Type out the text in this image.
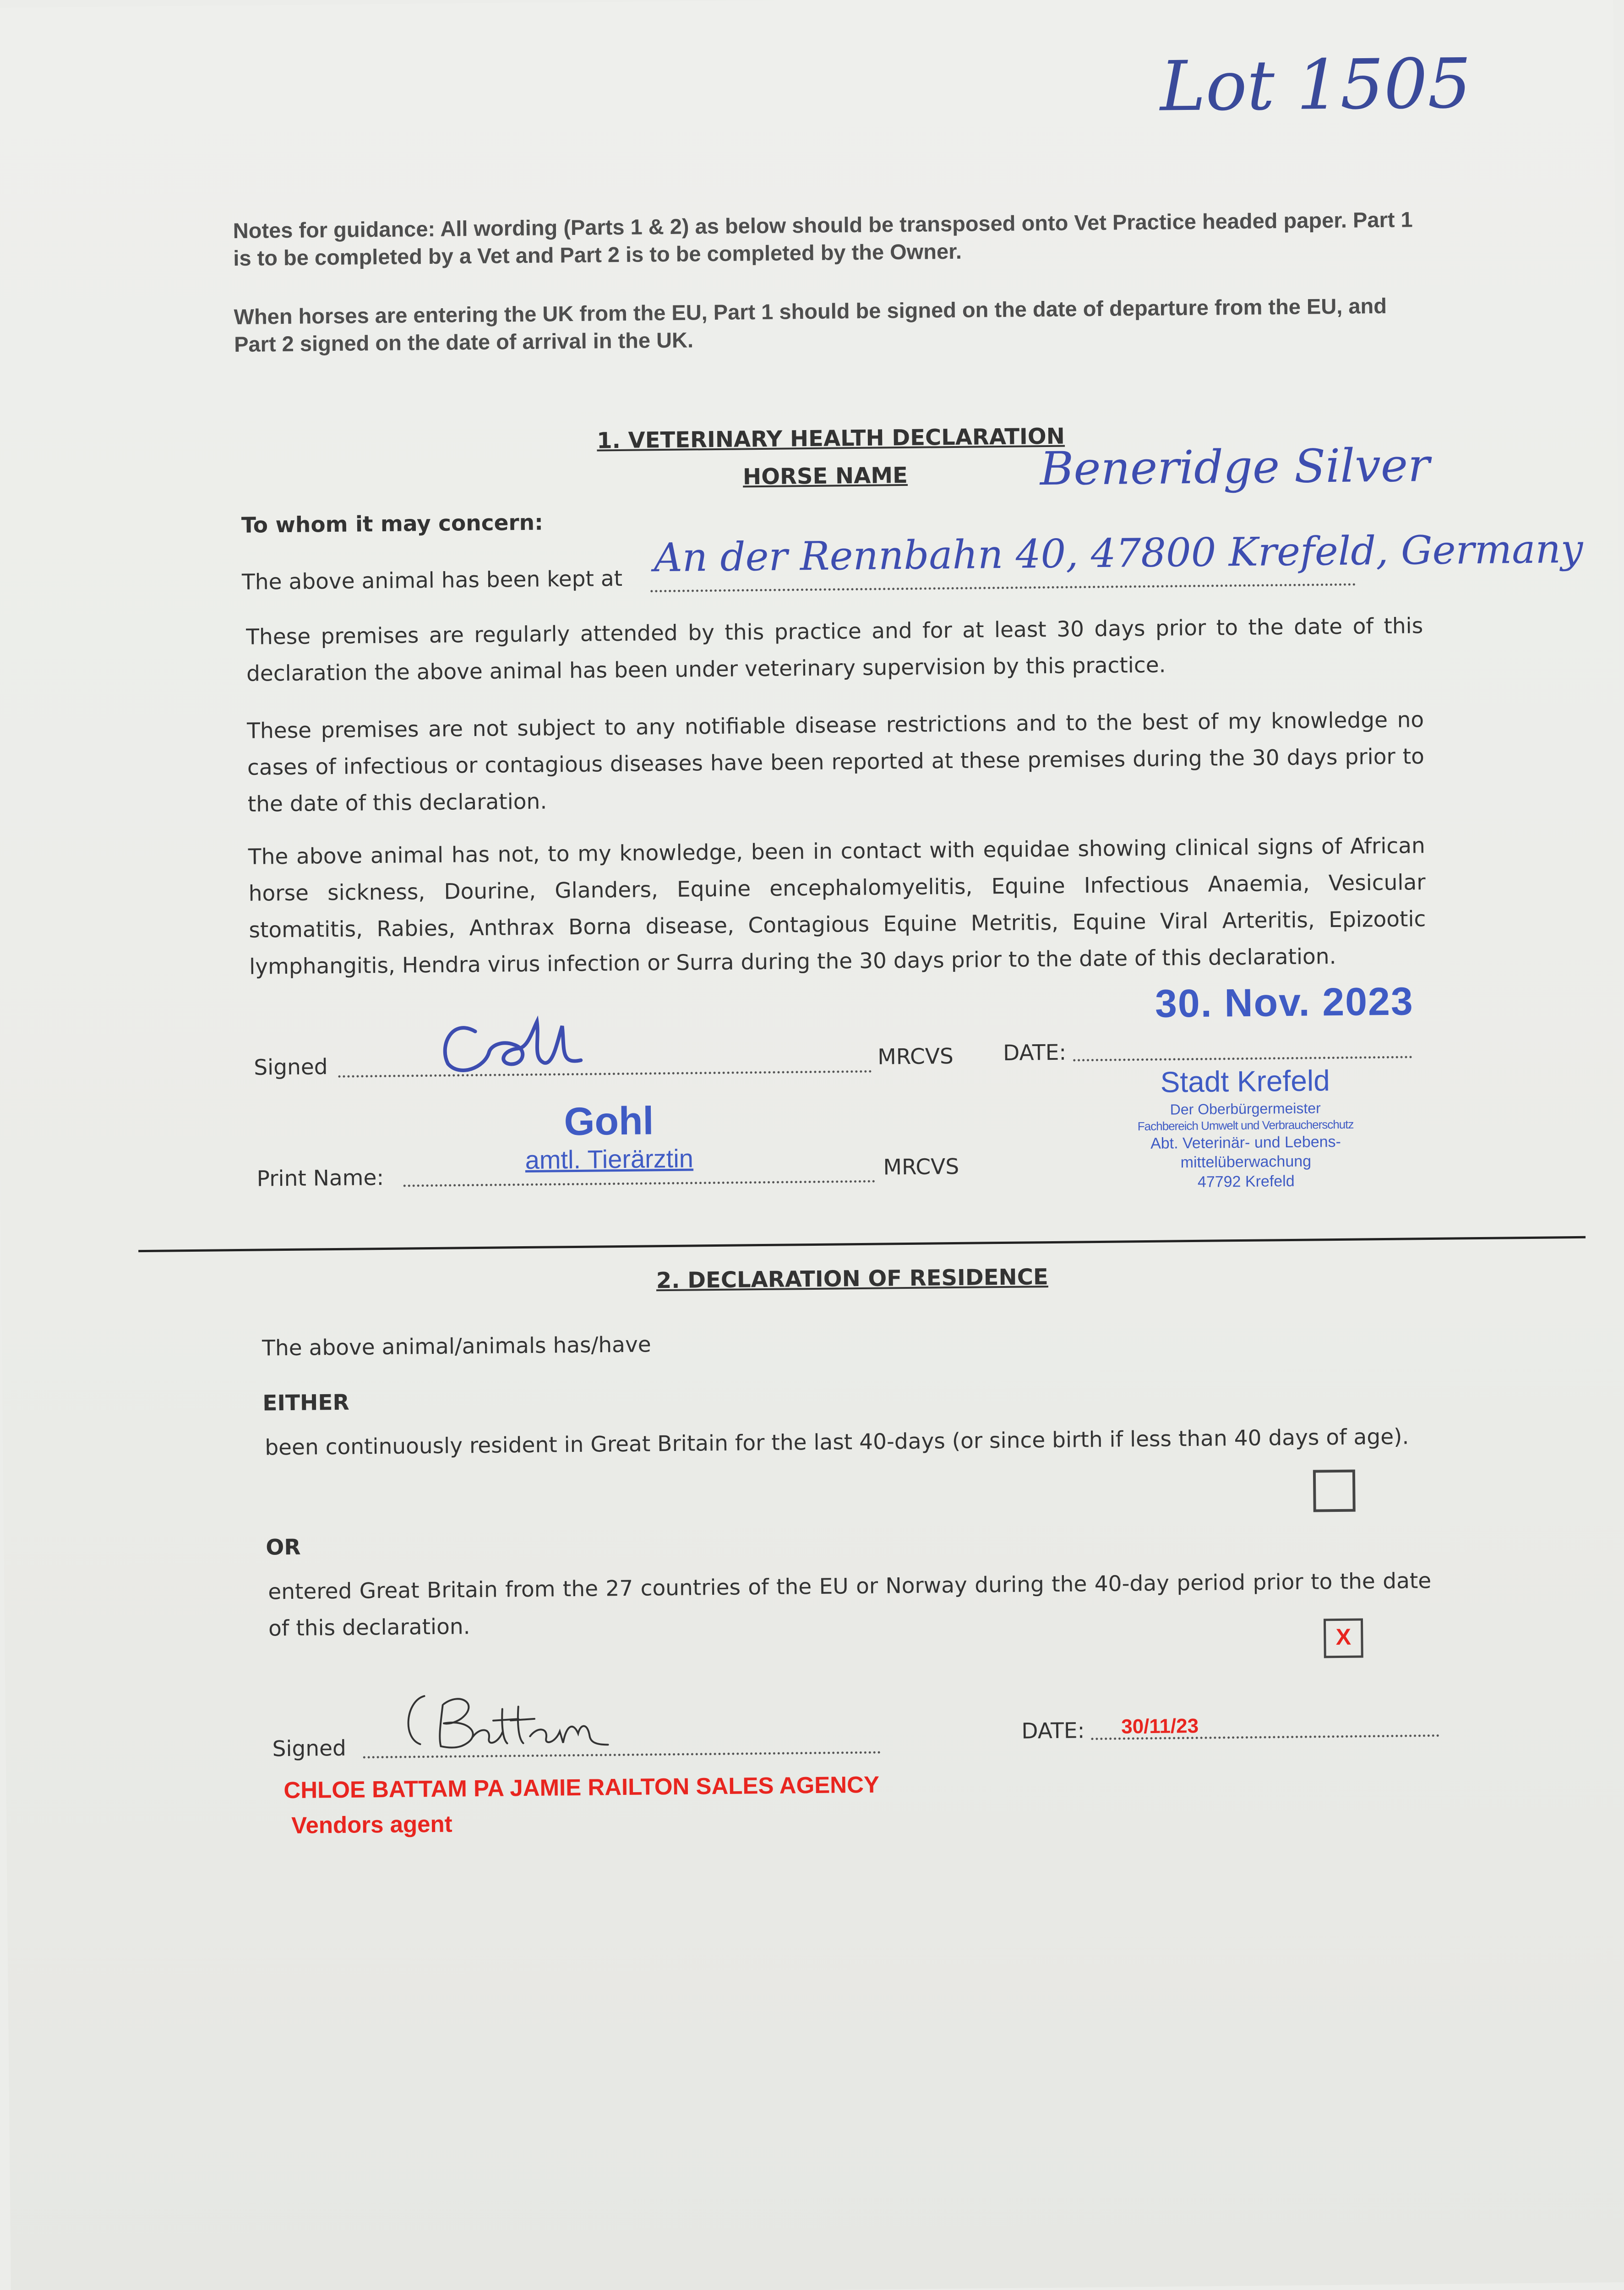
Lot 1505
Notes for guidance: All wording (Parts 1 & 2) as below should be transposed onto Vet Practice headed paper. Part 1 is to be completed by a Vet and Part 2 is to be completed by the Owner.
When horses are entering the UK from the EU, Part 1 should be signed on the date of departure from the EU, and Part 2 signed on the date of arrival in the UK.
1. VETERINARY HEALTH DECLARATION
HORSE NAME	Beneridge Silver
To whom it may concern:
The above animal has been kept at An der Rennbahn 40, 47800 Krefeld, Germany
These premises are regularly attended by this practice and for at least 30 days prior to the date of this declaration the above animal has been under veterinary supervision by this practice.
These premises are not subject to any notifiable disease restrictions and to the best of my knowledge no cases of infectious or contagious diseases have been reported at these premises during the 30 days prior to the date of this declaration.
The above animal has not, to my knowledge, been in contact with equidae showing clinical signs of African horse sickness, Dourine, Glanders, Equine encephalomyelitis, Equine Infectious Anaemia, Vesicular stomatitis, Rabies, Anthrax Borna disease, Contagious Equine Metritis, Equine Viral Arteritis, Epizootic lymphangitis, Hendra virus infection or Surra during the 30 days prior to the date of this declaration.
Signed	MRCVS DATE:
30. Nov. 2023
Stadt Krefeld
Der Oberbürgermeister
Fachbereich Umwelt und Verbraucherschutz
Abt. Veterinär- und Lebens-
mittelüberwachung
47792 Krefeld
Print Name:
Gohl
amtl. Tierärztin	MRCVS
2. DECLARATION OF RESIDENCE
The above animal/animals has/have
EITHER
been continuously resident in Great Britain for the last 40-days (or since birth if less than 40 days of age).
OR
entered Great Britain from the 27 countries of the EU or Norway during the 40-day period prior to the date of this declaration.	X
Signed
DATE: 30/11/23
CHLOE BATTAM PA JAMIE RAILTON SALES AGENCY
Vendors agent
